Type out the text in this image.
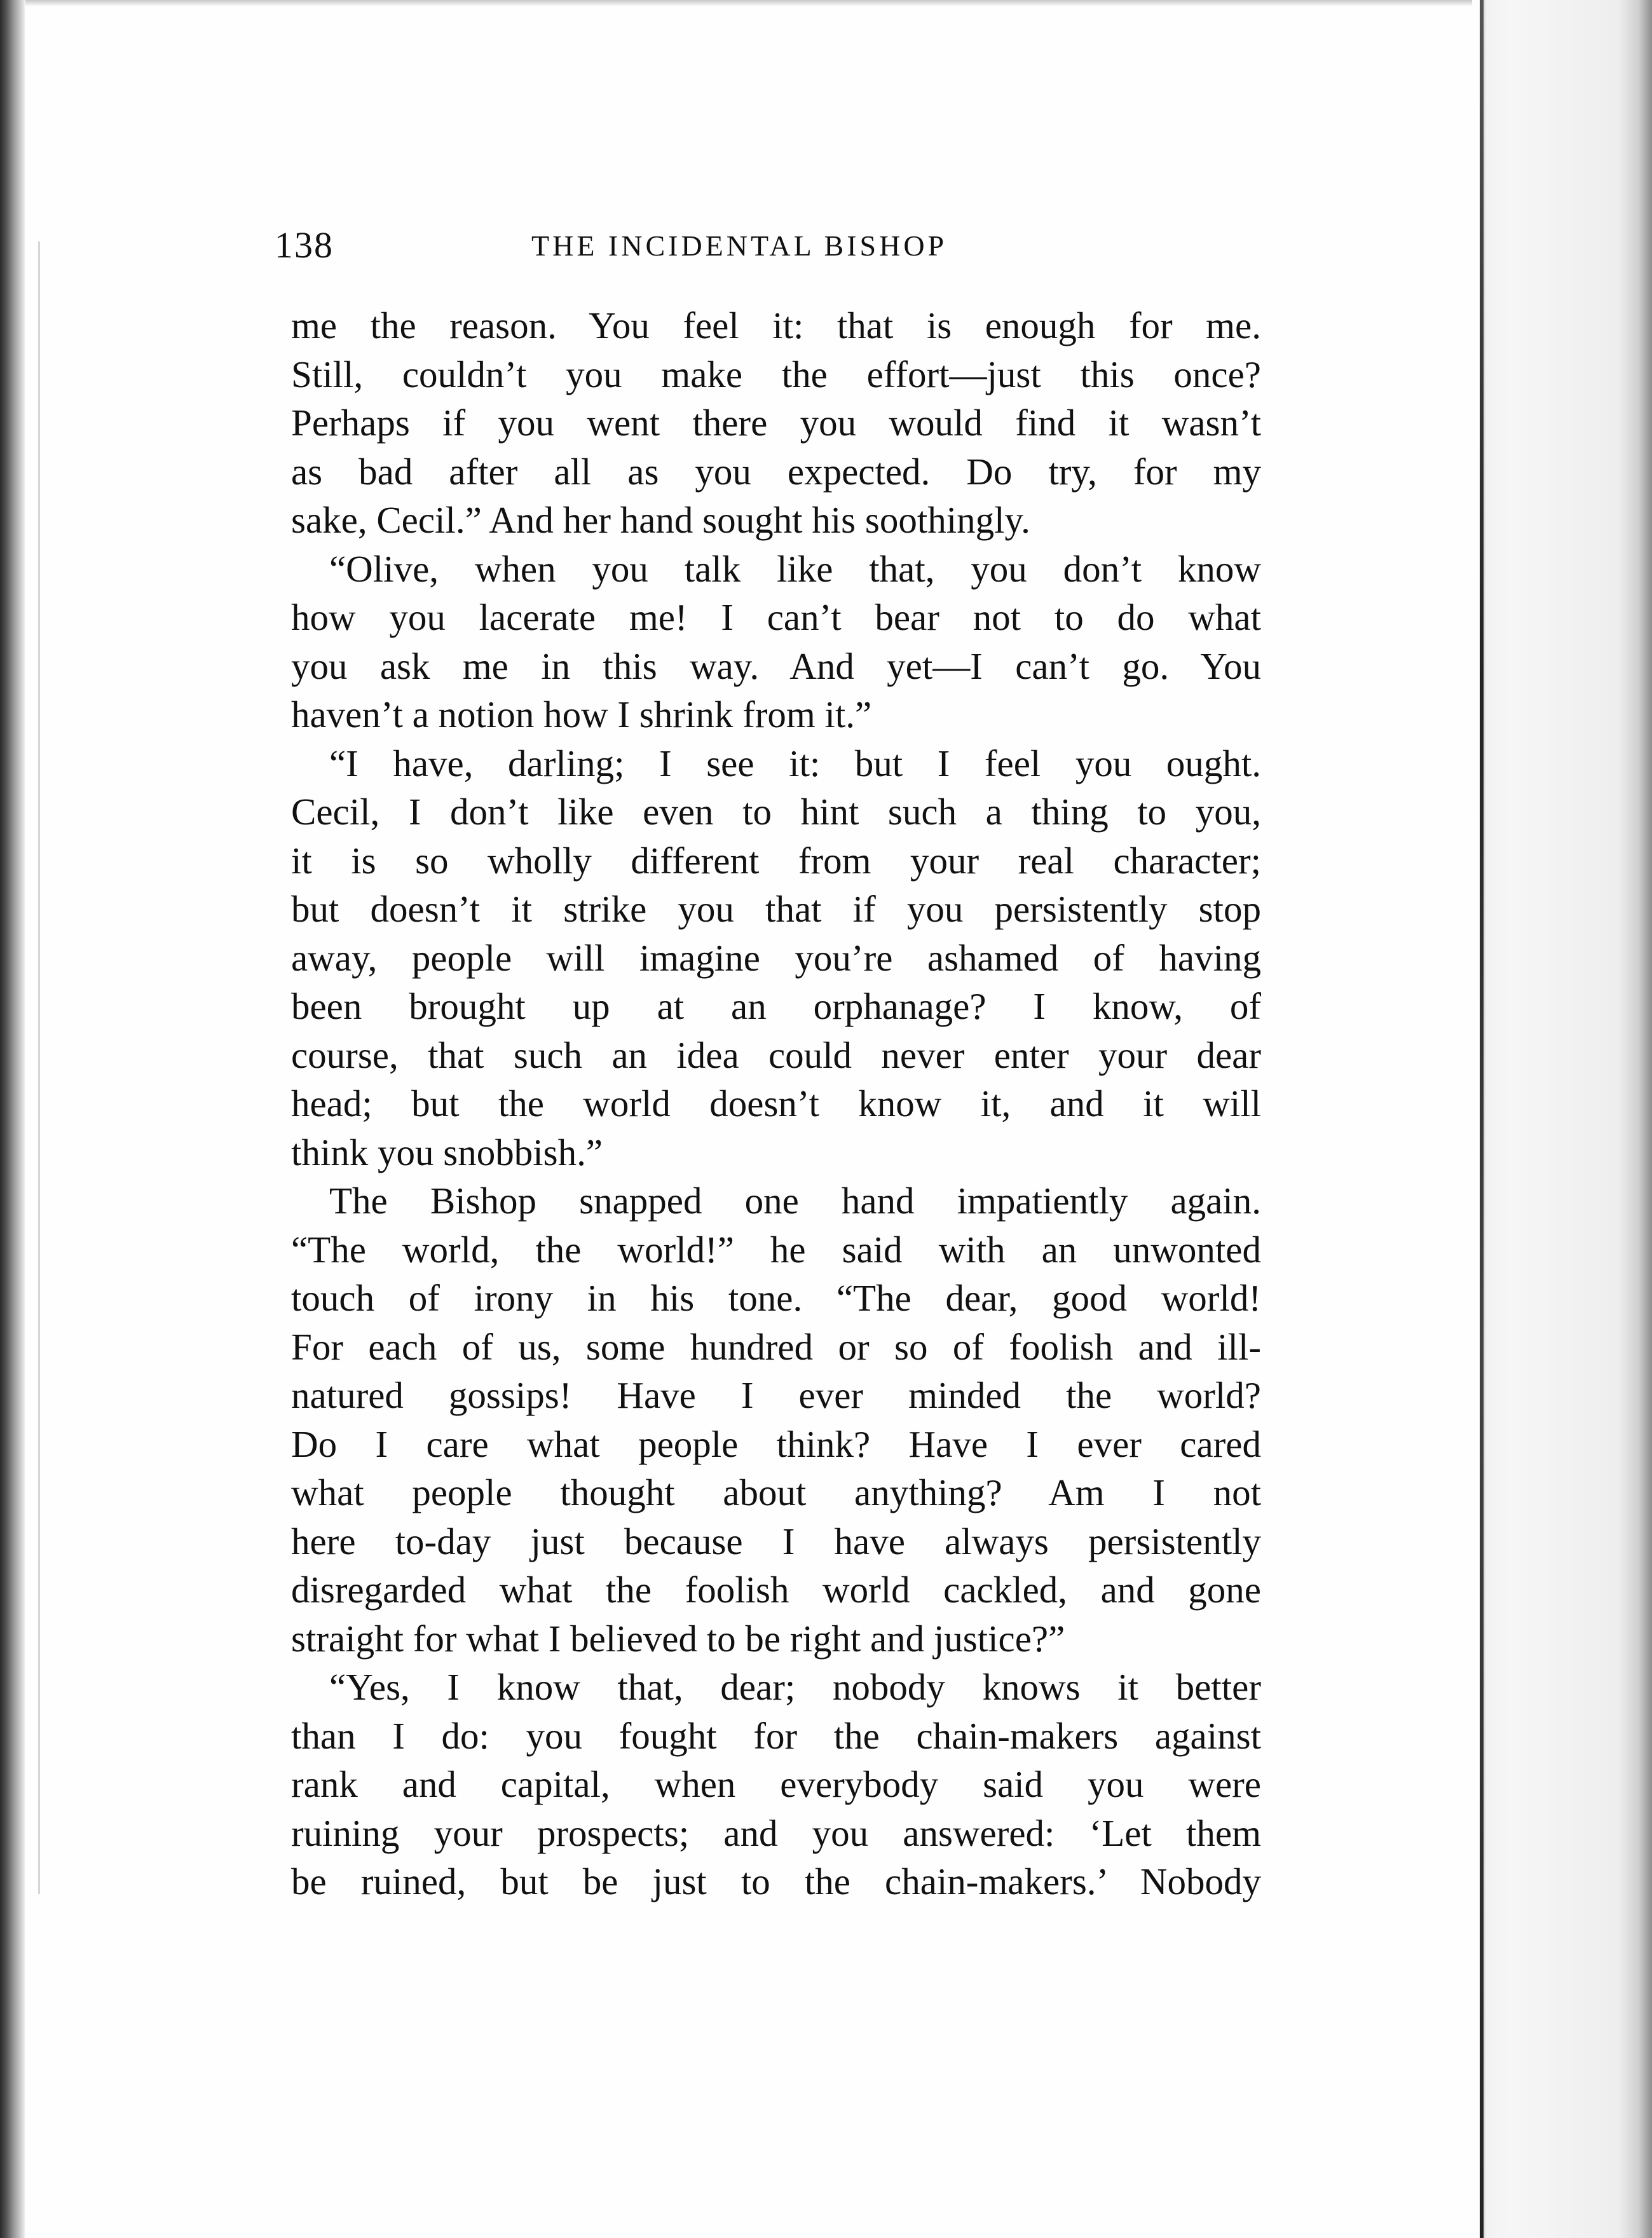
138	THE INCIDENTAL BISHOP
me the reason. You feel it: that is enough for me.
Still, couldn’t you make the effort—just this once?
Perhaps if you went there you would find it wasn’t
as bad after all as you expected. Do try, for my
sake, Cecil.” And her hand sought his soothingly.
“Olive, when you talk like that, you don’t know
how you lacerate me! I can’t bear not to do what
you ask me in this way. And yet—I can’t go. You
haven’t a notion how I shrink from it.”
“I have, darling; I see it: but I feel you ought.
Cecil, I don’t like even to hint such a thing to you,
it is so wholly different from your real character;
but doesn’t it strike you that if you persistently stop
away, people will imagine you’re ashamed of having
been brought up at an orphanage? I know, of
course, that such an idea could never enter your dear
head; but the world doesn’t know it, and it will
think you snobbish.”
The Bishop snapped one hand impatiently again.
“The world, the world!” he said with an unwonted
touch of irony in his tone. “The dear, good world!
For each of us, some hundred or so of foolish and ill-
natured gossips! Have I ever minded the world?
Do I care what people think? Have I ever cared
what people thought about anything? Am I not
here to-day just because I have always persistently
disregarded what the foolish world cackled, and gone
straight for what I believed to be right and justice?”
“Yes, I know that, dear; nobody knows it better
than I do: you fought for the chain-makers against
rank and capital, when everybody said you were
ruining your prospects; and you answered: ‘Let them
be ruined, but be just to the chain-makers.’ Nobody
